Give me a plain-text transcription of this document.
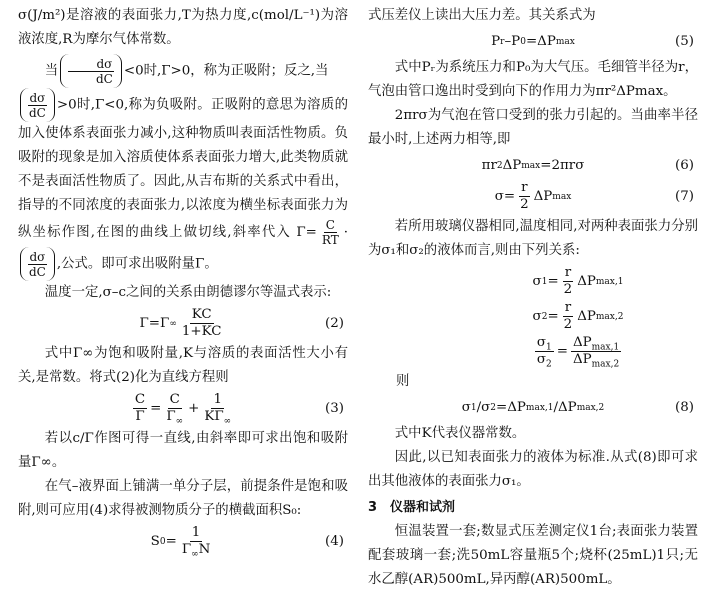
σ(J/m²)是溶液的表面张力,T为热力度,c(mol/L⁻¹)为溶液浓度,R为摩尔气体常数。

当 $\frac{d\sigma}{dC} <0$时,Γ>0，称为正吸附；反之,当

$\frac{d\sigma}{dC} >0$时,Γ<0,称为负吸附。正吸附的意思为溶质的加入使体系表面张力减小,这种物质叫表面活性物质。负吸附的现象是加入溶质使体系表面张力增大,此类物质就不是表面活性物质了。因此,从吉布斯的关系式中看出，指导的不同浓度的表面张力,以浓度为横坐标表面张力为纵坐标作图,在图的曲线上做切线,斜率代入 $\Gamma= \frac{C}{RT}$ ·
$\frac{d\sigma}{dC}$ ,公式。即可求出吸附量Γ。

温度一定,σ–c之间的关系由朗德谬尔等温式表示:

Γ=Γ ∞ $\frac{KC}{1+KC}$	(2)

式中Γ∞为饱和吸附量,K与溶质的表面活性大小有关,是常数。将式(2)化为直线方程则

$\frac{C}{\Gamma} = \frac{C}{\Gamma_\infty} + \frac{1}{K\Gamma_\infty}$	(3)

若以c/Γ作图可得一直线,由斜率即可求出饱和吸附量Γ∞。

在气–液界面上铺满一单分子层，前提条件是饱和吸附,则可应用(4)求得被测物质分子的横截面积S₀:

S $0 = \frac{1}{\Gamma_\infty N}$	(4)

式压差仪上读出大压力差。其关系式为

P r –P 0 =ΔP max	(5)

式中Pᵣ为系统压力和P₀为大气压。毛细管半径为r，气泡由管口逸出时受到向下的作用力为πr²ΔPmax。

2πrσ为气泡在管口受到的张力引起的。当曲率半径最小时,上述两力相等,即

πr 2 ΔP max =2πrσ	(6)
$\sigma= \frac{r}{2}$ ΔP max	(7)

若所用玻璃仪器相同,温度相同,对两种表面张力分别为σ₁和σ₂的液体而言,则由下列关系:

σ $1 = \frac{r}{2}$ ΔP max,1
σ $2 = \frac{r}{2}$ ΔP max,2
$\frac{\sigma_1}{\sigma_2} = \frac{\Delta P_{max,1}}{\Delta P_{max,2}}$

则

σ 1 /σ 2 =ΔP max,1 /ΔP max,2	(8)

式中K代表仪器常数。

因此,以已知表面张力的液体为标准.从式(8)即可求出其他液体的表面张力σ₁。

3　仪器和试剂

恒温装置一套;数显式压差测定仪1台;表面张力装置配套玻璃一套;洗50mL容量瓶5个;烧杯(25mL)1只;无水乙醇(AR)500mL,异丙醇(AR)500mL。
